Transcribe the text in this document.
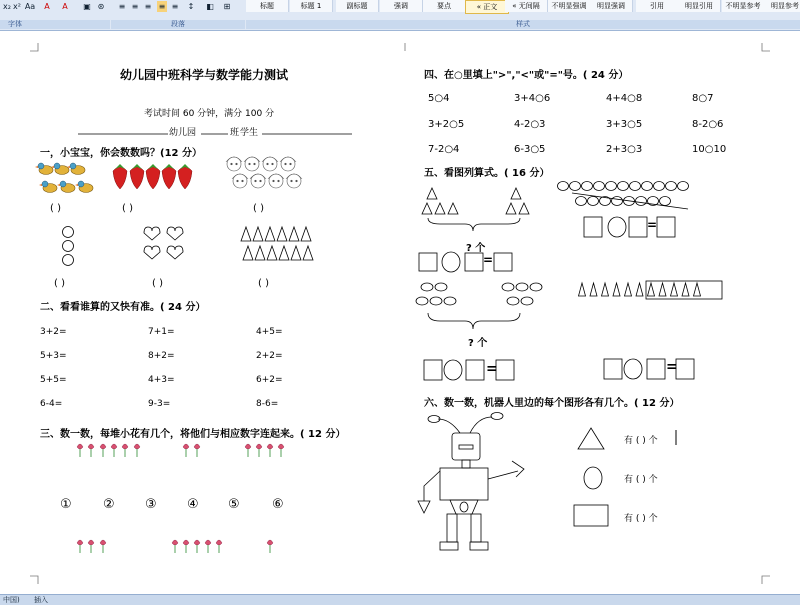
x₂ x² Aa A A ▣ ⊛ ≡ ≡ ≡ ≡ ≡ ↕ ◧ ⊞
字体	段落	样式
标题	标题 1	副标题	强调	要点	« 正文	« 无间隔	不明显强调	明显强调	引用	明显引用	不明显参考	明显参考
幼儿园中班科学与数学能力测试
考试时间 60 分钟，满分 100 分
幼儿园	班 学生
一，小宝宝，你会数数吗？(12 分）
( )	( )	( )
( )	( )	( )
二、看看谁算的又快有准。( 24 分）
3+2=	7+1=	4+5=
5+3=	8+2=	2+2=
5+5=	4+3=	6+2=
6-4=	9-3=	8-6=
三、数一数，每堆小花有几个，将他们与相应数字连起来。( 12 分）
① ② ③ ④ ⑤ ⑥
四、在○里填上">","<"或"="号。( 24 分）
5○4	3+4○6	4+4○8	8○7
3+2○5	4-2○3	3+3○5	8-2○6
7-2○4	6-3○5	2+3○3	10○10
五、看图列算式。( 16 分）
? 个
? 个
=
=
=
=
六、数一数，机器人里边的每个图形各有几个。( 12 分）
有 ( ) 个
有 ( ) 个
有 ( ) 个
中国) 插入
